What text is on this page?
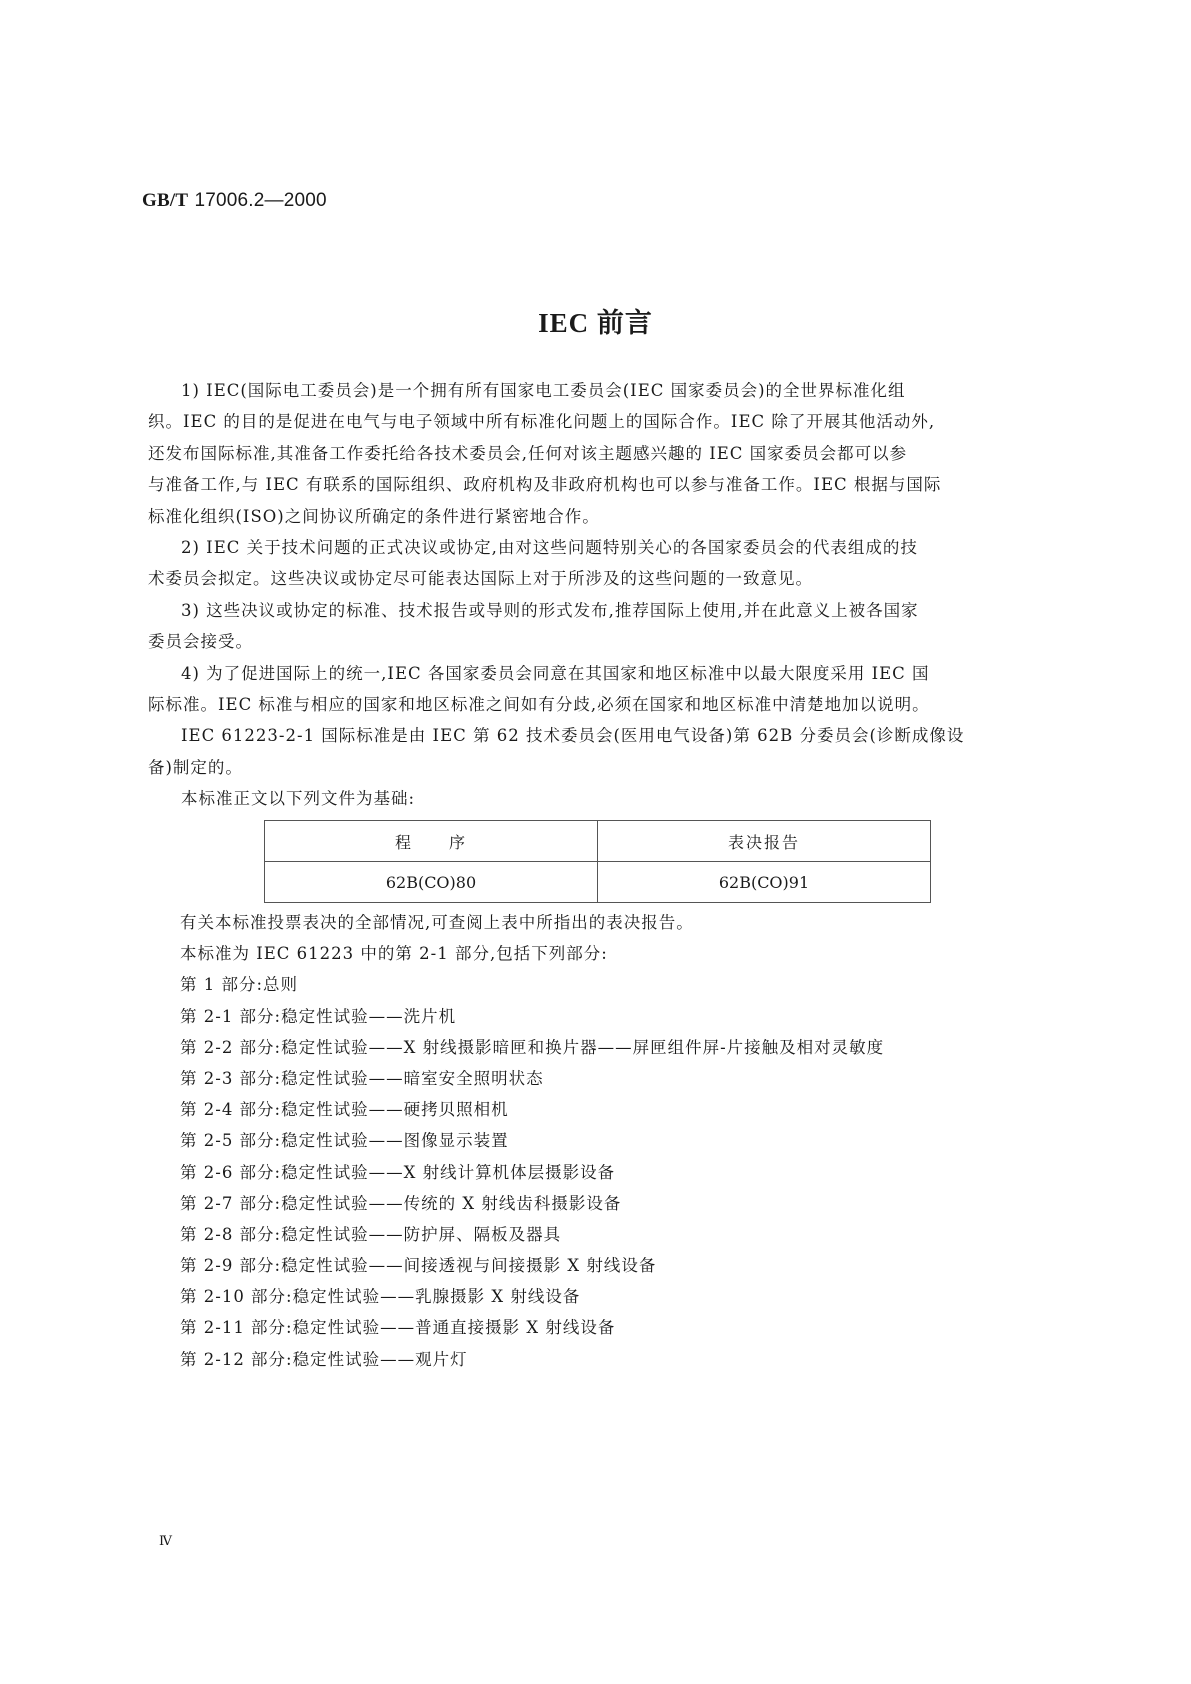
GB/T 17006.2—2000
IEC 前言
1) IEC(国际电工委员会)是一个拥有所有国家电工委员会(IEC 国家委员会)的全世界标准化组
织。IEC 的目的是促进在电气与电子领域中所有标准化问题上的国际合作。IEC 除了开展其他活动外,
还发布国际标准,其准备工作委托给各技术委员会,任何对该主题感兴趣的 IEC 国家委员会都可以参
与准备工作,与 IEC 有联系的国际组织、政府机构及非政府机构也可以参与准备工作。IEC 根据与国际
标准化组织(ISO)之间协议所确定的条件进行紧密地合作。
2) IEC 关于技术问题的正式决议或协定,由对这些问题特别关心的各国家委员会的代表组成的技
术委员会拟定。这些决议或协定尽可能表达国际上对于所涉及的这些问题的一致意见。
3) 这些决议或协定的标准、技术报告或导则的形式发布,推荐国际上使用,并在此意义上被各国家
委员会接受。
4) 为了促进国际上的统一,IEC 各国家委员会同意在其国家和地区标准中以最大限度采用 IEC 国
际标准。IEC 标准与相应的国家和地区标准之间如有分歧,必须在国家和地区标准中清楚地加以说明。
IEC 61223-2-1 国际标准是由 IEC 第 62 技术委员会(医用电气设备)第 62B 分委员会(诊断成像设
备)制定的。
本标准正文以下列文件为基础:
程　　序	表决报告
62B(CO)80	62B(CO)91
有关本标准投票表决的全部情况,可查阅上表中所指出的表决报告。
本标准为 IEC 61223 中的第 2-1 部分,包括下列部分:
第 1 部分:总则
第 2-1 部分:稳定性试验——洗片机
第 2-2 部分:稳定性试验——X 射线摄影暗匣和换片器——屏匣组件屏-片接触及相对灵敏度
第 2-3 部分:稳定性试验——暗室安全照明状态
第 2-4 部分:稳定性试验——硬拷贝照相机
第 2-5 部分:稳定性试验——图像显示装置
第 2-6 部分:稳定性试验——X 射线计算机体层摄影设备
第 2-7 部分:稳定性试验——传统的 X 射线齿科摄影设备
第 2-8 部分:稳定性试验——防护屏、隔板及器具
第 2-9 部分:稳定性试验——间接透视与间接摄影 X 射线设备
第 2-10 部分:稳定性试验——乳腺摄影 X 射线设备
第 2-11 部分:稳定性试验——普通直接摄影 X 射线设备
第 2-12 部分:稳定性试验——观片灯
Ⅳ
